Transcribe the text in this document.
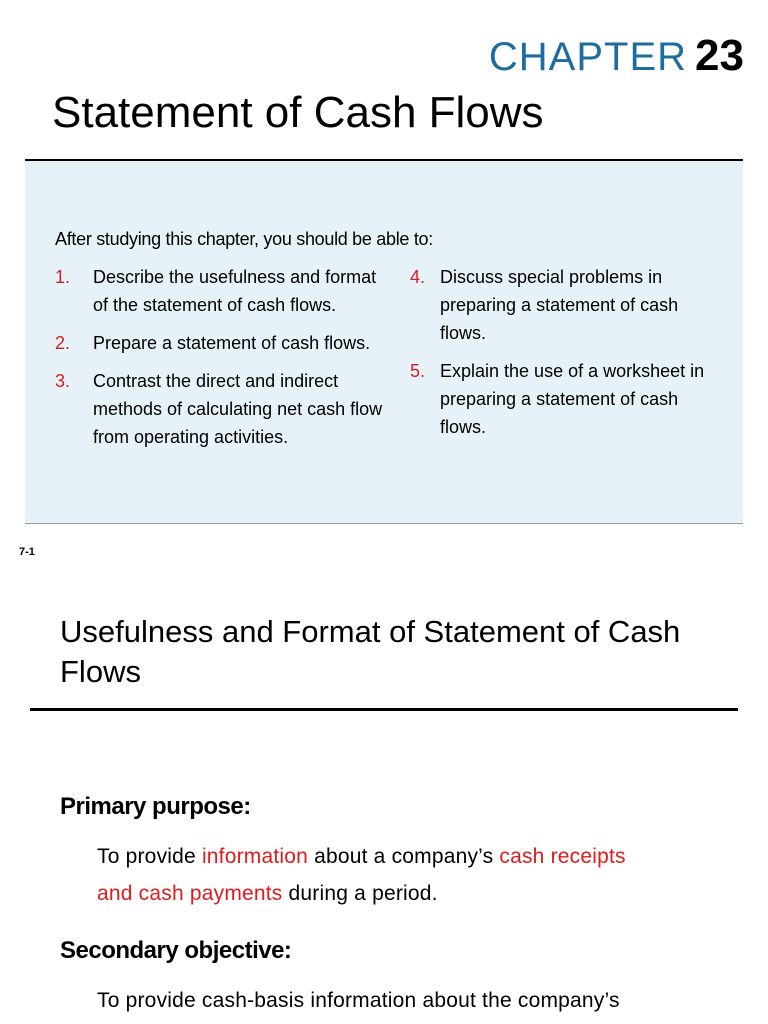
CHAPTER 23
Statement of Cash Flows
After studying this chapter, you should be able to:
1.	Describe the usefulness and format of the statement of cash flows.
2.	Prepare a statement of cash flows.
3.	Contrast the direct and indirect methods of calculating net cash flow from operating activities.
4. Discuss special problems in preparing a statement of cash flows.
5. Explain the use of a worksheet in preparing a statement of cash flows.
7-1
Usefulness and Format of Statement of Cash Flows
Primary purpose:

To provide information about a company’s cash receipts and cash payments during a period.

Secondary objective:

To provide cash-basis information about the company’s
